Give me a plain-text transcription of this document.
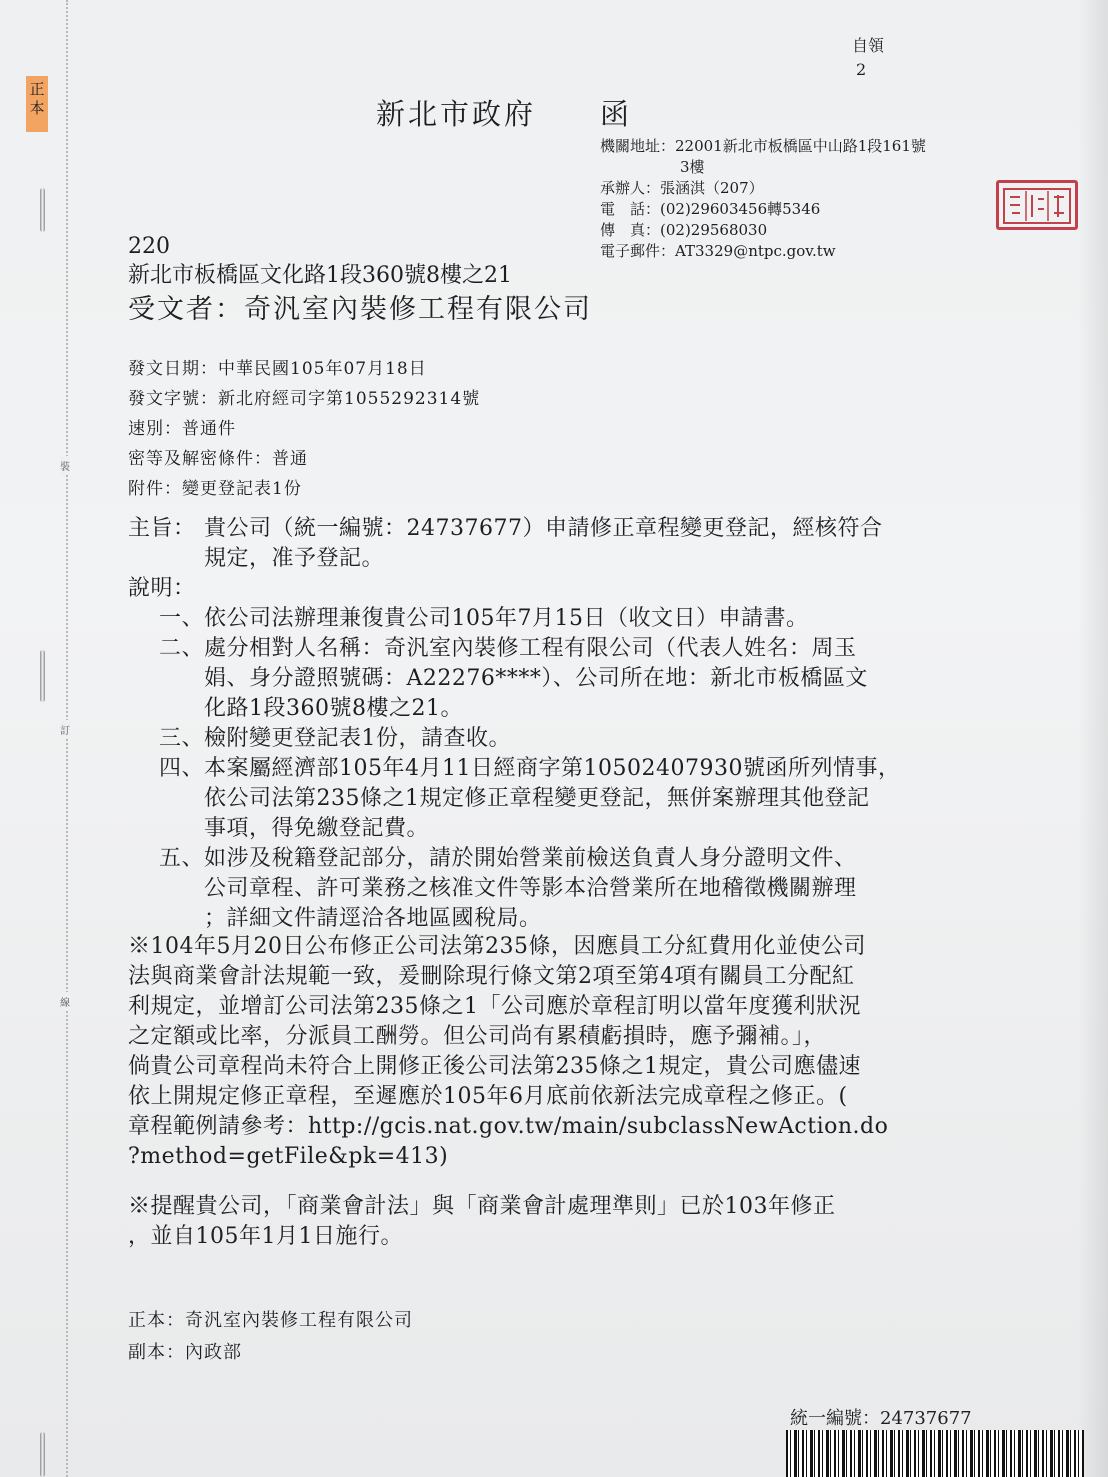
裝
訂
線
正本
自領
2
新北市政府 函
機關地址：22001新北市板橋區中山路1段161號
3樓
承辦人：張涵淇（207）
電　話：(02)29603456轉5346
傳　真：(02)29568030
電子郵件：AT3329@ntpc.gov.tw
220
新北市板橋區文化路1段360號8樓之21
受文者：奇汎室內裝修工程有限公司
發文日期：中華民國105年07月18日
發文字號：新北府經司字第1055292314號
速別：普通件
密等及解密條件：普通
附件：變更登記表1份
主旨： 貴公司（統一編號：24737677）申請修正章程變更登記，經核符合
規定，准予登記。
說明：
一、依公司法辦理兼復貴公司105年7月15日（收文日）申請書。
二、處分相對人名稱：奇汎室內裝修工程有限公司（代表人姓名：周玉
娟、身分證照號碼：A22276****）、公司所在地：新北市板橋區文
化路1段360號8樓之21。
三、檢附變更登記表1份，請查收。
四、本案屬經濟部105年4月11日經商字第10502407930號函所列情事，
依公司法第235條之1規定修正章程變更登記，無併案辦理其他登記
事項，得免繳登記費。
五、如涉及稅籍登記部分，請於開始營業前檢送負責人身分證明文件、
公司章程、許可業務之核准文件等影本洽營業所在地稽徵機關辦理
；詳細文件請逕洽各地區國稅局。
※104年5月20日公布修正公司法第235條，因應員工分紅費用化並使公司
法與商業會計法規範一致，爰刪除現行條文第2項至第4項有關員工分配紅
利規定，並增訂公司法第235條之1「公司應於章程訂明以當年度獲利狀況
之定額或比率，分派員工酬勞。但公司尚有累積虧損時，應予彌補。」，
倘貴公司章程尚未符合上開修正後公司法第235條之1規定，貴公司應儘速
依上開規定修正章程，至遲應於105年6月底前依新法完成章程之修正。(
章程範例請參考：http://gcis.nat.gov.tw/main/subclassNewAction.do
?method=getFile&pk=413)
※提醒貴公司，「商業會計法」與「商業會計處理準則」已於103年修正
，並自105年1月1日施行。
正本：奇汎室內裝修工程有限公司
副本：內政部
統一編號：24737677
